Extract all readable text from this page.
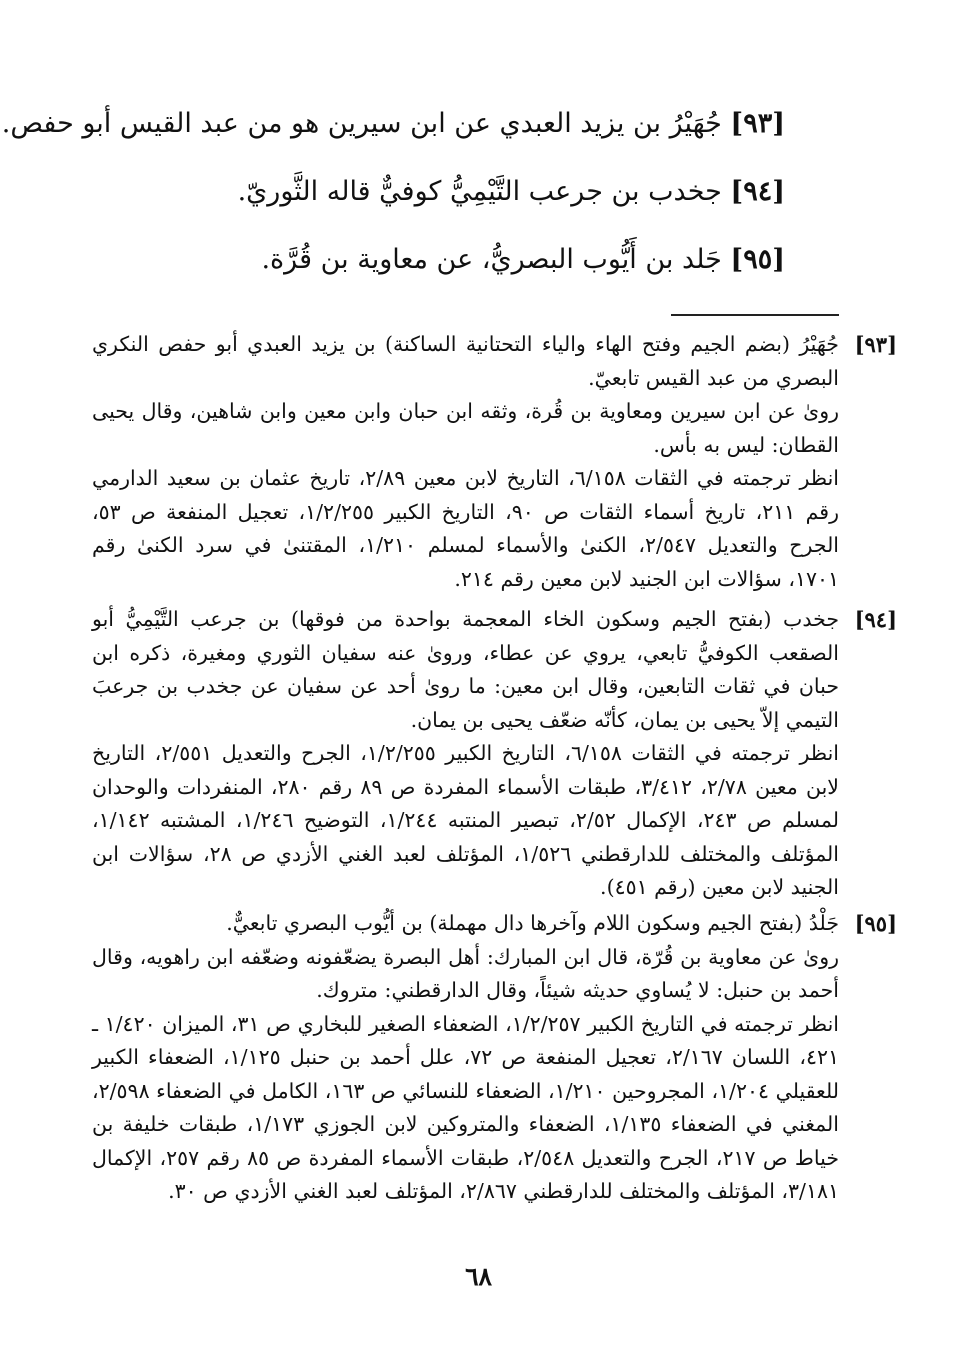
[٩٣] جُهَيْرُ بن يزيد العبدي عن ابن سيرين هو من عبد القيس أبو حفص.
[٩٤] جخدب بن جرعب التَّيْمِيُّ كوفيٌّ قاله الثَّوريّ.
[٩٥] جَلد بن أَيُّوب البصريُّ، عن معاوية بن قُرَّة.
[٩٣]

جُهَيْرُ (بضم الجيم وفتح الهاء والياء التحتانية الساكنة) بن يزيد العبدي أبو حفص النكري البصري من عبد القيس تابعيّ.

روىٰ عن ابن سيرين ومعاوية بن قُرة، وثقه ابن حبان وابن معين وابن شاهين، وقال يحيى القطان: ليس به بأس.

انظر ترجمته في الثقات ٦/١٥٨، التاريخ لابن معين ٢/٨٩، تاريخ عثمان بن سعيد الدارمي رقم ٢١١، تاريخ أسماء الثقات ص ٩٠، التاريخ الكبير ١/٢/٢٥٥، تعجيل المنفعة ص ٥٣، الجرح والتعديل ٢/٥٤٧، الكنىٰ والأسماء لمسلم ١/٢١٠، المقتنىٰ في سرد الكنىٰ رقم ١٧٠١، سؤالات ابن الجنيد لابن معين رقم ٢١٤.

[٩٤]

جخدب (بفتح الجيم وسكون الخاء المعجمة بواحدة من فوقها) بن جرعب التَّيْمِيُّ أبو الصقعب الكوفيُّ تابعي، يروي عن عطاء، وروىٰ عنه سفيان الثوري ومغيرة، ذكره ابن حبان في ثقات التابعين، وقال ابن معين: ما روىٰ أحد عن سفيان عن جخدب بن جرعبَ التيمي إلاّ يحيى بن يمان، كأنّه ضعّف يحيى بن يمان.

انظر ترجمته في الثقات ٦/١٥٨، التاريخ الكبير ١/٢/٢٥٥، الجرح والتعديل ٢/٥٥١، التاريخ لابن معين ٢/٧٨، ٣/٤١٢، طبقات الأسماء المفردة ص ٨٩ رقم ٢٨٠، المنفردات والوحدان لمسلم ص ٢٤٣، الإكمال ٢/٥٢، تبصير المنتبه ١/٢٤٤، التوضيح ١/٢٤٦، المشتبه ١/١٤٢، المؤتلف والمختلف للدارقطني ١/٥٢٦، المؤتلف لعبد الغني الأزدي ص ٢٨، سؤالات ابن الجنيد لابن معين (رقم ٤٥١).

[٩٥]

جَلْدُ (بفتح الجيم وسكون اللام وآخرها دال مهملة) بن أيُّوب البصري تابعيٌّ.

روىٰ عن معاوية بن قُرّة، قال ابن المبارك: أهل البصرة يضعّفونه وضعّفه ابن راهويه، وقال أحمد بن حنبل: لا يُساوي حديثه شيئاً، وقال الدارقطني: متروك.

انظر ترجمته في التاريخ الكبير ١/٢/٢٥٧، الضعفاء الصغير للبخاري ص ٣١، الميزان ١/٤٢٠ ـ ٤٢١، اللسان ٢/١٦٧، تعجيل المنفعة ص ٧٢، علل أحمد بن حنبل ١/١٢٥، الضعفاء الكبير للعقيلي ١/٢٠٤، المجروحين ١/٢١٠، الضعفاء للنسائي ص ١٦٣، الكامل في الضعفاء ٢/٥٩٨، المغني في الضعفاء ١/١٣٥، الضعفاء والمتروكين لابن الجوزي ١/١٧٣، طبقات خليفة بن خياط ص ٢١٧، الجرح والتعديل ٢/٥٤٨، طبقات الأسماء المفردة ص ٨٥ رقم ٢٥٧، الإكمال ٣/١٨١، المؤتلف والمختلف للدارقطني ٢/٨٦٧، المؤتلف لعبد الغني الأزدي ص ٣٠.

٦٨
